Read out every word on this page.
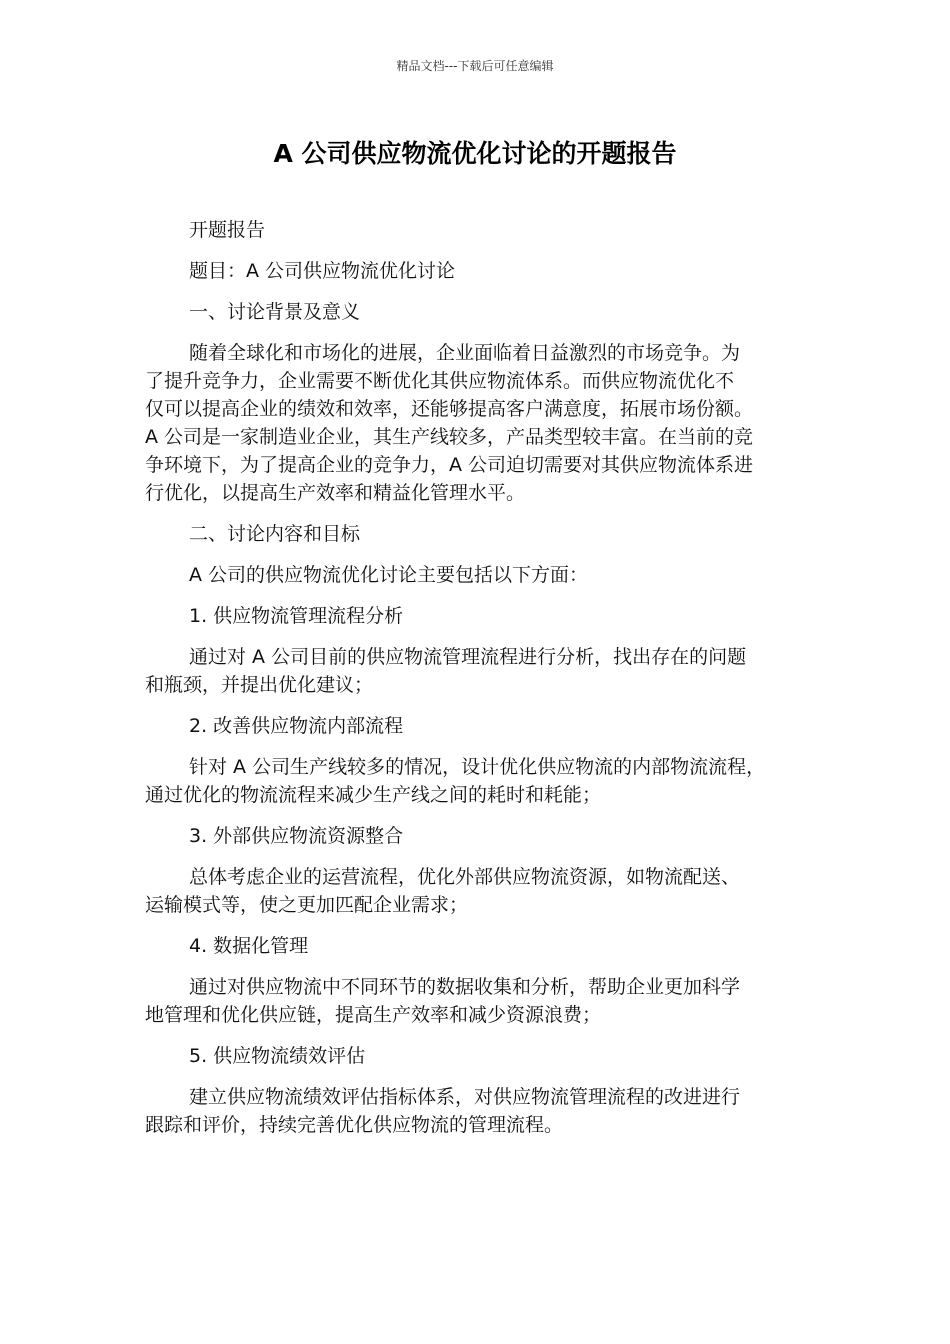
精品文档---下载后可任意编辑
A 公司供应物流优化讨论的开题报告
开题报告
题目：A 公司供应物流优化讨论
一、讨论背景及意义
随着全球化和市场化的进展，企业面临着日益激烈的市场竞争。为
了提升竞争力，企业需要不断优化其供应物流体系。而供应物流优化不
仅可以提高企业的绩效和效率，还能够提高客户满意度，拓展市场份额。
A 公司是一家制造业企业，其生产线较多，产品类型较丰富。在当前的竞
争环境下，为了提高企业的竞争力，A 公司迫切需要对其供应物流体系进
行优化，以提高生产效率和精益化管理水平。
二、讨论内容和目标
A 公司的供应物流优化讨论主要包括以下方面：
1. 供应物流管理流程分析
通过对 A 公司目前的供应物流管理流程进行分析，找出存在的问题
和瓶颈，并提出优化建议；
2. 改善供应物流内部流程
针对 A 公司生产线较多的情况，设计优化供应物流的内部物流流程，
通过优化的物流流程来减少生产线之间的耗时和耗能；
3. 外部供应物流资源整合
总体考虑企业的运营流程，优化外部供应物流资源，如物流配送、
运输模式等，使之更加匹配企业需求；
4. 数据化管理
通过对供应物流中不同环节的数据收集和分析，帮助企业更加科学
地管理和优化供应链，提高生产效率和减少资源浪费；
5. 供应物流绩效评估
建立供应物流绩效评估指标体系，对供应物流管理流程的改进进行
跟踪和评价，持续完善优化供应物流的管理流程。
